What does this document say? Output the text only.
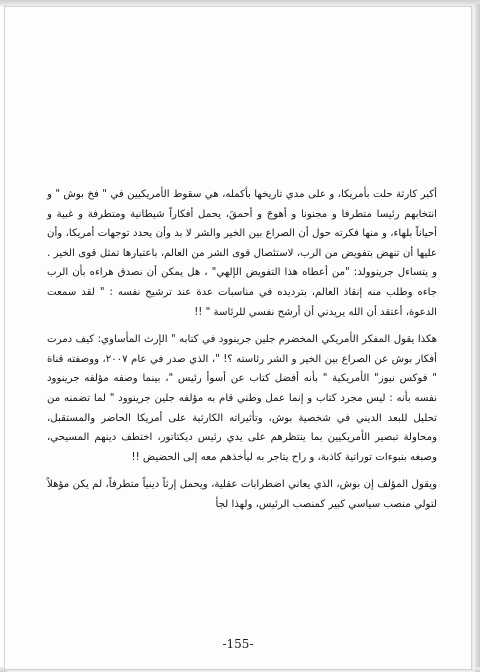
أكبر كارثة حلت بأمريكا، و على مدي تاريخها بأكمله، هي سقوط الأمريكيين في " فخ بوش " و انتخابهم رئيسا متطرفا و مجنونا و أهوجَ و أحمقَ، يحمل أفكاراً شيطانية ومتطرفة و غبية و أحياناً بلهاء، و منها فكرته حول أن الصراع بين الخير والشر لا بد وأن يحدد توجهات أمريكا، وأن عليها أن تنهض بتفويض من الرب، لاستئصال قوى الشر من العالم، باعتبارها تمثل قوى الخير . و يتساءل جرينوولد: "من أعطاه هذا التفويض الإلهي" ، هل يمكن أن نصدق هراءه بأن الرب جاءه وطلب منه إنقاذ العالم، بترديده في مناسبات عدة عند ترشيح نفسه : " لقد سمعت الدعوة، أعتقد أن الله يريدني أن أرشح نفسي للرئاسة " !!

هكذا يقول المفكر الأمريكي المخضرم جلين جرينوود في كتابه " الإرث المأساوي: كيف دمرت أفكار بوش عن الصراع بين الخير و الشر رئاسته ؟! "، الذي صدر في عام ٢٠٠٧، ووصفته قناة " فوكس نيوز" الأمريكية " بأنه أفضل كتاب عن أسوأ رئيس "، بينما وصفه مؤلفه جرينوود نفسه بأنه : ليس مجرد كتاب و إنما عمل وطني قام به مؤلفه جلين جرينوود " لما تضمنه من تحليل للبعد الديني في شخصية بوش، وتأثيراته الكارثية على أمريكا الحاضر والمستقبل، ومحاولة تبصير الأمريكيين بما ينتظرهم على يدي رئيس ديكتاتور، اختطف دينهم المسيحي، وصبغه بنبوءات توراتية كاذبة، و راح يتاجر به ليأخذهم معه إلى الحضيض !!

ويقول المؤلف إن بوش، الذي يعاني اضطرابات عقلية، ويحمل إرثاً دينياً متطرفاً، لم يكن مؤهلاً لتولي منصب سياسي كبير كمنصب الرئيس، ولهذا لجأ

-155-
